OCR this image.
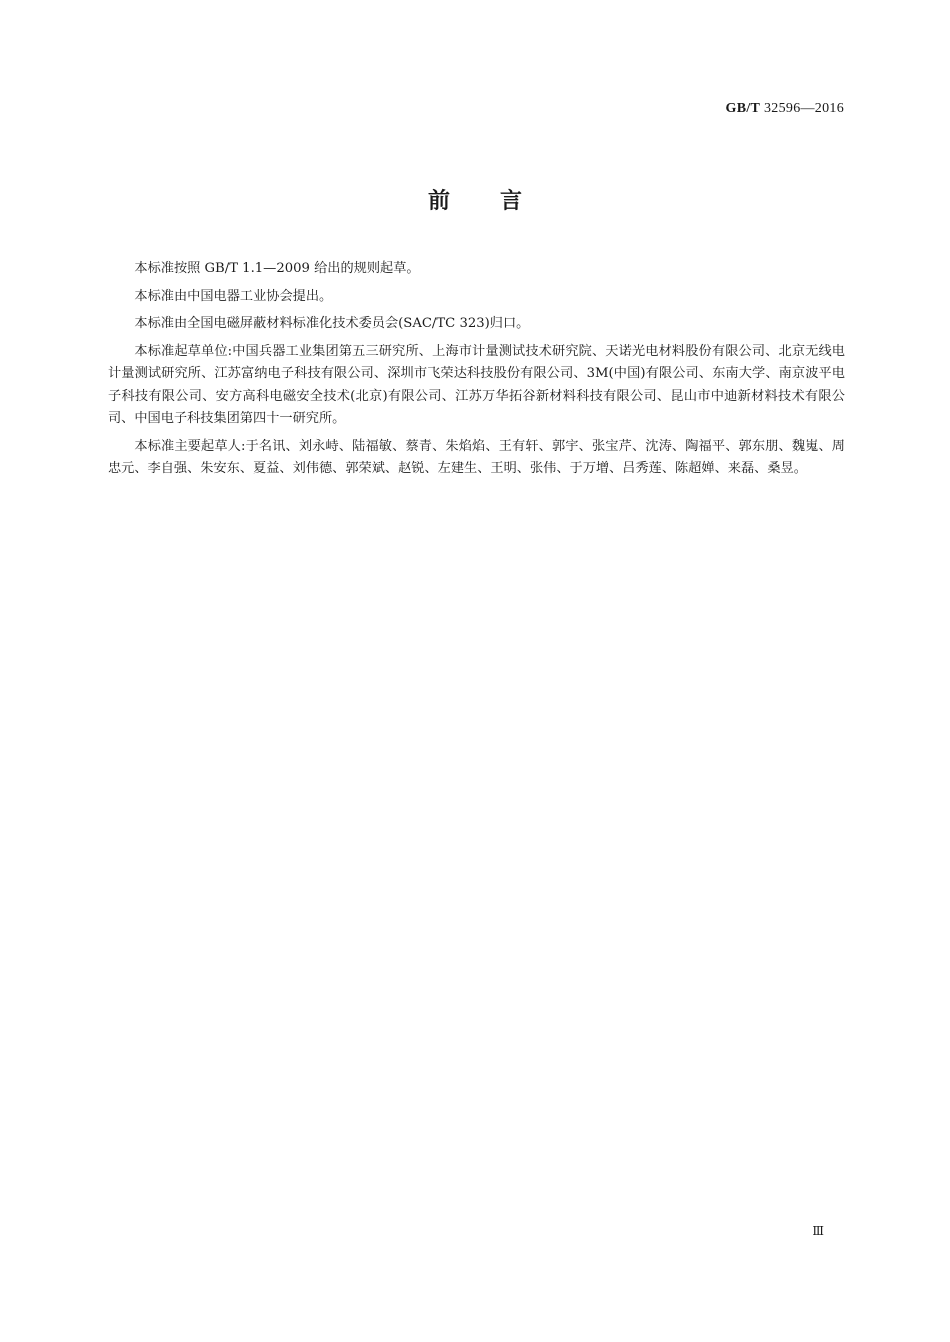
GB/T 32596—2016
前言

本标准按照 GB/T 1.1—2009 给出的规则起草。

本标准由中国电器工业协会提出。

本标准由全国电磁屏蔽材料标准化技术委员会(SAC/TC 323)归口。

本标准起草单位:中国兵器工业集团第五三研究所、上海市计量测试技术研究院、天诺光电材料股份有限公司、北京无线电计量测试研究所、江苏富纳电子科技有限公司、深圳市飞荣达科技股份有限公司、3M(中国)有限公司、东南大学、南京波平电子科技有限公司、安方高科电磁安全技术(北京)有限公司、江苏万华拓谷新材料科技有限公司、昆山市中迪新材料技术有限公司、中国电子科技集团第四十一研究所。

本标准主要起草人:于名讯、刘永峙、陆福敏、蔡青、朱焰焰、王有轩、郭宇、张宝芹、沈涛、陶福平、郭东朋、魏嵬、周忠元、李自强、朱安东、夏益、刘伟德、郭荣斌、赵锐、左建生、王明、张伟、于万增、吕秀莲、陈超婵、来磊、桑昱。

Ⅲ
